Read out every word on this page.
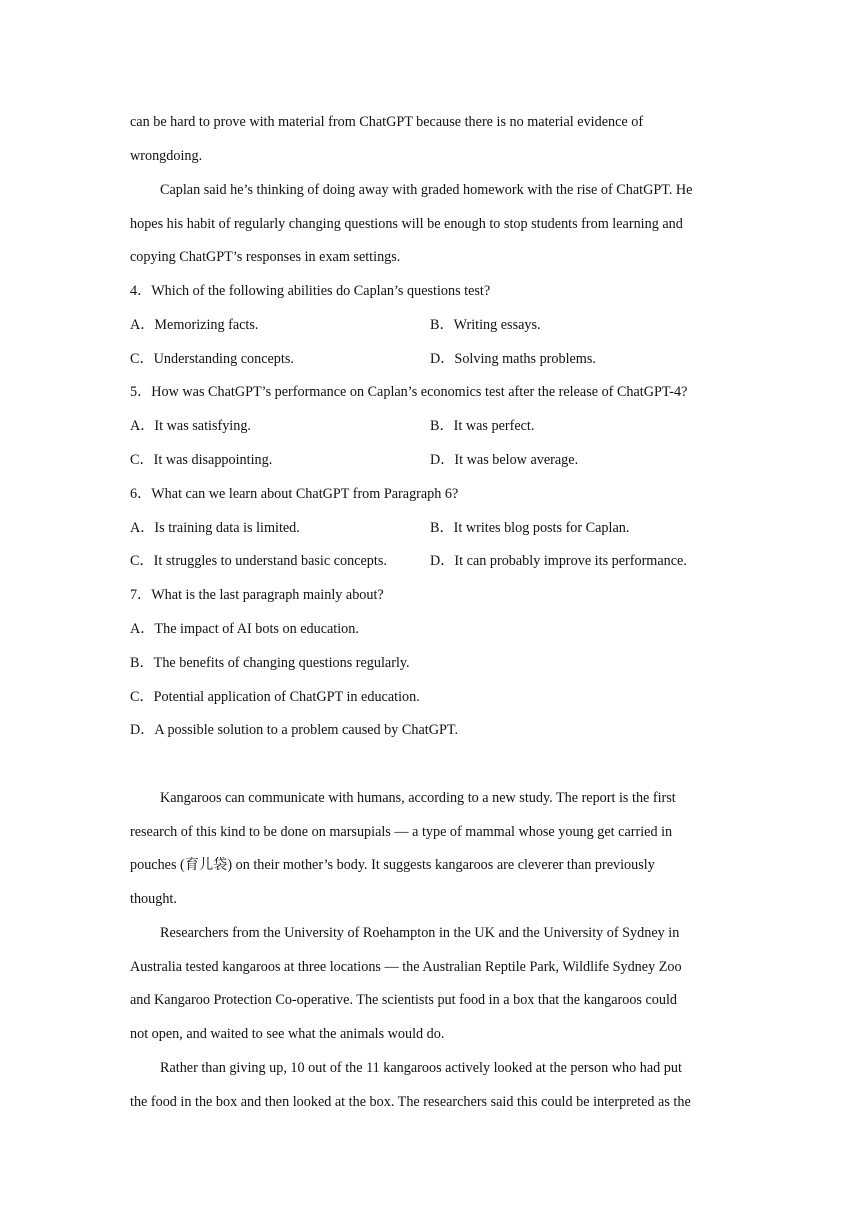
can be hard to prove with material from ChatGPT because there is no material evidence of
wrongdoing.
Caplan said he’s thinking of doing away with graded homework with the rise of ChatGPT. He
hopes his habit of regularly changing questions will be enough to stop students from learning and
copying ChatGPT’s responses in exam settings.
4．Which of the following abilities do Caplan’s questions test?
A．Memorizing facts.	B．Writing essays.
C．Understanding concepts.	D．Solving maths problems.
5．How was ChatGPT’s performance on Caplan’s economics test after the release of ChatGPT-4?
A．It was satisfying.	B．It was perfect.
C．It was disappointing.	D．It was below average.
6．What can we learn about ChatGPT from Paragraph 6?
A．Is training data is limited.	B．It writes blog posts for Caplan.
C．It struggles to understand basic concepts.	D．It can probably improve its performance.
7．What is the last paragraph mainly about?
A．The impact of AI bots on education.
B．The benefits of changing questions regularly.
C．Potential application of ChatGPT in education.
D．A possible solution to a problem caused by ChatGPT.
Kangaroos can communicate with humans, according to a new study. The report is the first
research of this kind to be done on marsupials — a type of mammal whose young get carried in
pouches (育儿袋) on their mother’s body. It suggests kangaroos are cleverer than previously
thought.
Researchers from the University of Roehampton in the UK and the University of Sydney in
Australia tested kangaroos at three locations — the Australian Reptile Park, Wildlife Sydney Zoo
and Kangaroo Protection Co-operative. The scientists put food in a box that the kangaroos could
not open, and waited to see what the animals would do.
Rather than giving up, 10 out of the 11 kangaroos actively looked at the person who had put
the food in the box and then looked at the box. The researchers said this could be interpreted as the
